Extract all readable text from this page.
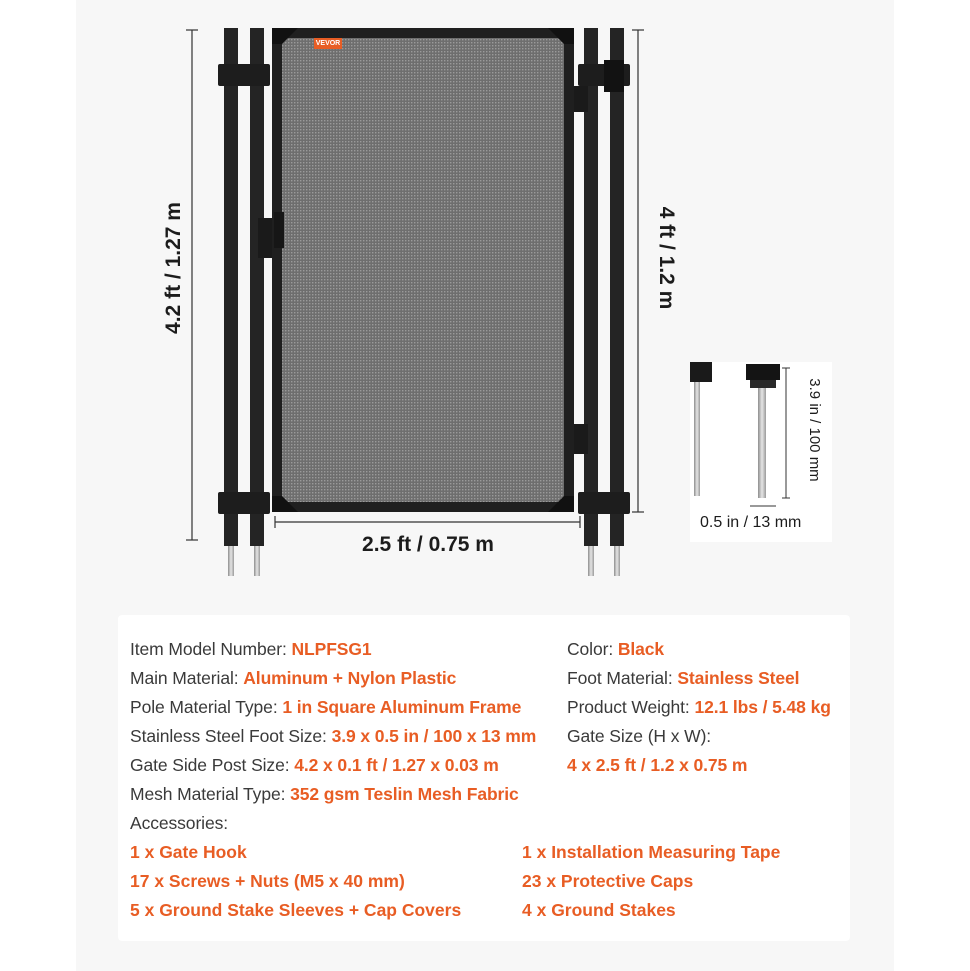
VEVOR
4.2 ft / 1.27 m	4 ft / 1.2 m
2.5 ft / 0.75 m
3.9 in / 100 mm
0.5 in / 13 mm
Item Model Number: NLPFSG1
Main Material: Aluminum + Nylon Plastic
Pole Material Type: 1 in Square Aluminum Frame
Stainless Steel Foot Size: 3.9 x 0.5 in / 100 x 13 mm
Gate Side Post Size: 4.2 x 0.1 ft / 1.27 x 0.03 m
Mesh Material Type: 352 gsm Teslin Mesh Fabric
Color: Black
Foot Material: Stainless Steel
Product Weight: 12.1 lbs / 5.48 kg
Gate Size (H x W):
4 x 2.5 ft / 1.2 x 0.75 m
Accessories:
1 x Gate Hook
17 x Screws + Nuts (M5 x 40 mm)
5 x Ground Stake Sleeves + Cap Covers
1 x Installation Measuring Tape
23 x Protective Caps
4 x Ground Stakes
